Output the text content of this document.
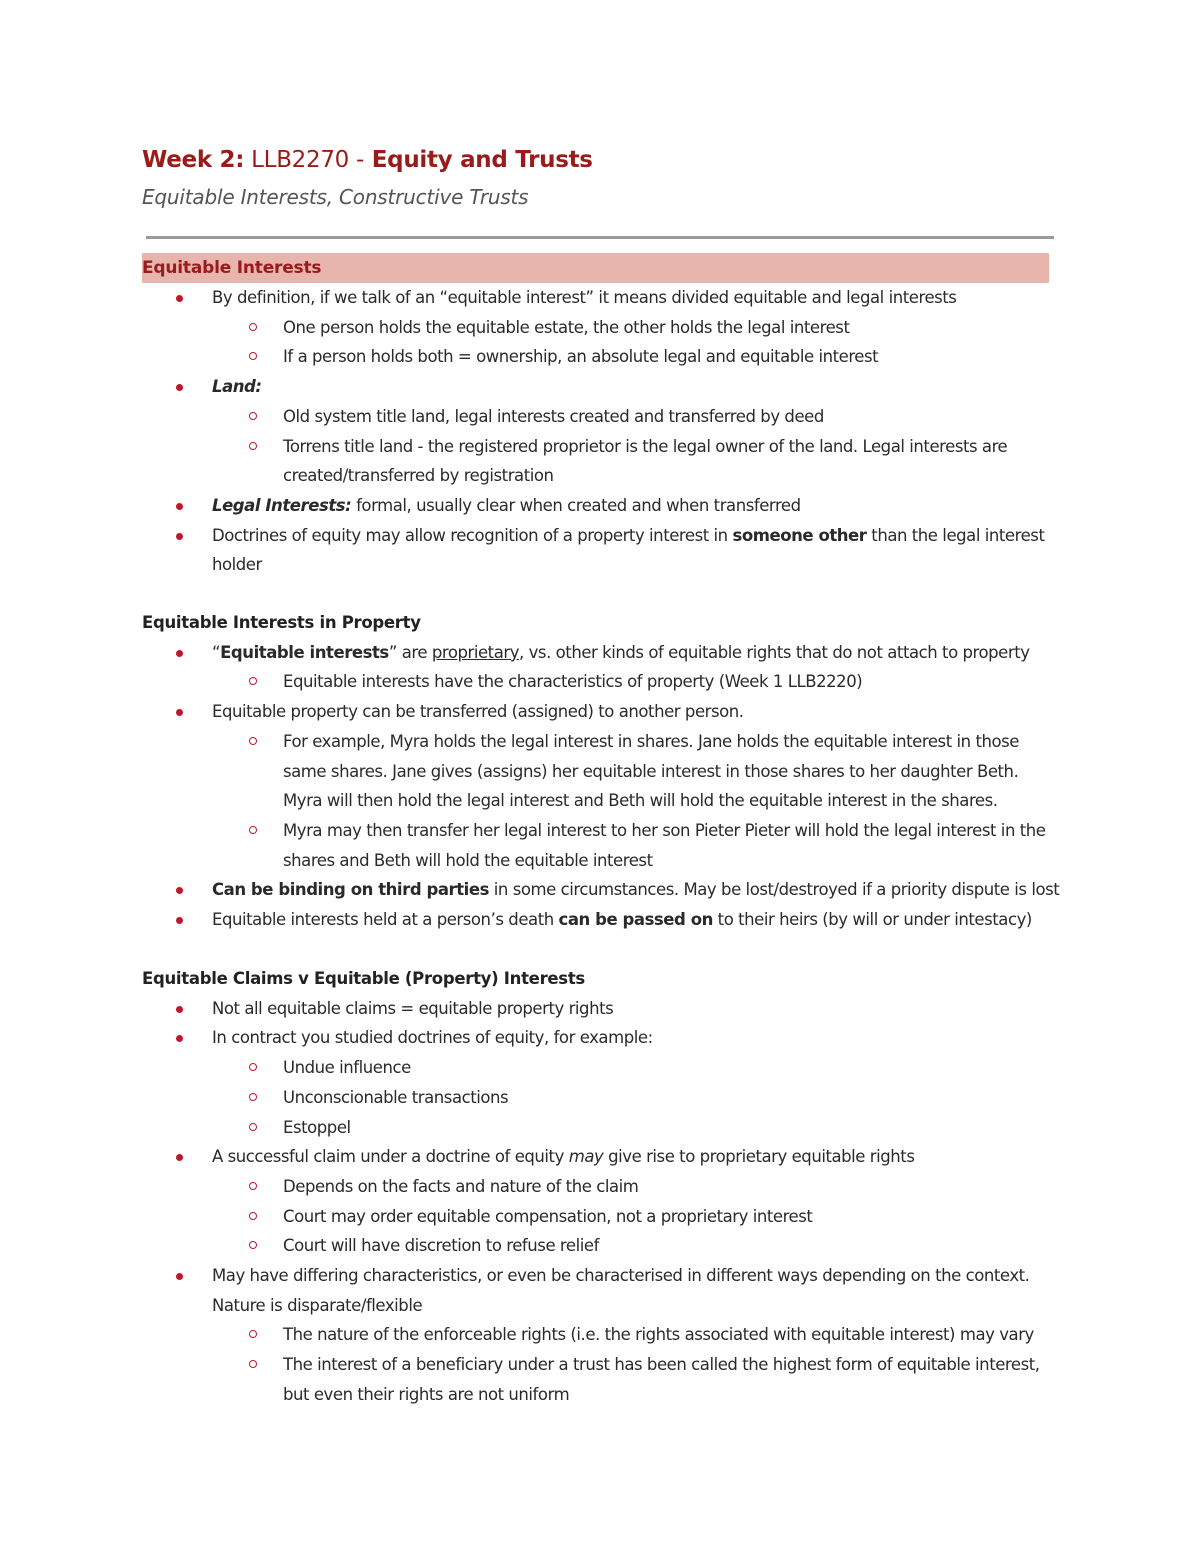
Week 2: LLB2270 - Equity and Trusts
Equitable Interests, Constructive Trusts
Equitable Interests
By definition, if we talk of an “equitable interest” it means divided equitable and legal interests
One person holds the equitable estate, the other holds the legal interest
If a person holds both = ownership, an absolute legal and equitable interest
Land:
Old system title land, legal interests created and transferred by deed
Torrens title land - the registered proprietor is the legal owner of the land. Legal interests are
created/transferred by registration
Legal Interests: formal, usually clear when created and when transferred
Doctrines of equity may allow recognition of a property interest in someone other than the legal interest
holder
Equitable Interests in Property
“Equitable interests” are proprietary, vs. other kinds of equitable rights that do not attach to property
Equitable interests have the characteristics of property (Week 1 LLB2220)
Equitable property can be transferred (assigned) to another person.
For example, Myra holds the legal interest in shares. Jane holds the equitable interest in those
same shares. Jane gives (assigns) her equitable interest in those shares to her daughter Beth.
Myra will then hold the legal interest and Beth will hold the equitable interest in the shares.
Myra may then transfer her legal interest to her son Pieter Pieter will hold the legal interest in the
shares and Beth will hold the equitable interest
Can be binding on third parties in some circumstances. May be lost/destroyed if a priority dispute is lost
Equitable interests held at a person’s death can be passed on to their heirs (by will or under intestacy)
Equitable Claims v Equitable (Property) Interests
Not all equitable claims = equitable property rights
In contract you studied doctrines of equity, for example:
Undue influence
Unconscionable transactions
Estoppel
A successful claim under a doctrine of equity may give rise to proprietary equitable rights
Depends on the facts and nature of the claim
Court may order equitable compensation, not a proprietary interest
Court will have discretion to refuse relief
May have differing characteristics, or even be characterised in different ways depending on the context.
Nature is disparate/flexible
The nature of the enforceable rights (i.e. the rights associated with equitable interest) may vary
The interest of a beneficiary under a trust has been called the highest form of equitable interest,
but even their rights are not uniform
